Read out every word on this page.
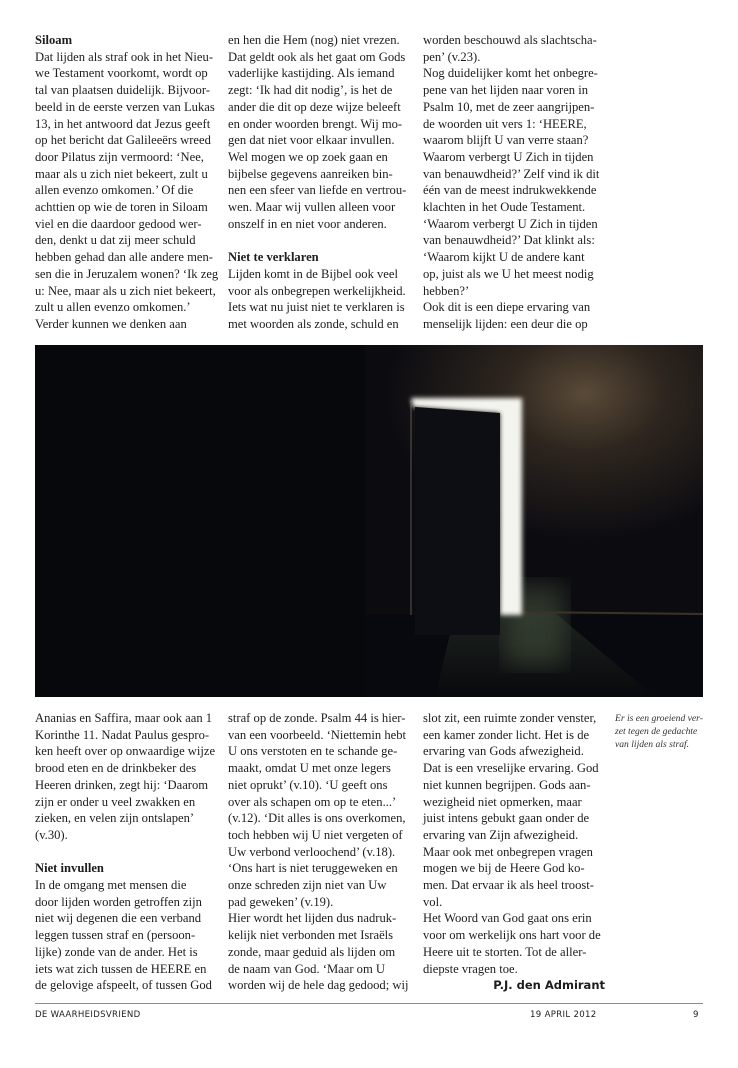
Siloam
Dat lijden als straf ook in het Nieu-
we Testament voorkomt, wordt op
tal van plaatsen duidelijk. Bijvoor-
beeld in de eerste verzen van Lukas
13, in het antwoord dat Jezus geeft
op het bericht dat Galileeërs wreed
door Pilatus zijn vermoord: ‘Nee,
maar als u zich niet bekeert, zult u
allen evenzo omkomen.’ Of die
achttien op wie de toren in Siloam
viel en die daardoor gedood wer-
den, denkt u dat zij meer schuld
hebben gehad dan alle andere men-
sen die in Jeruzalem wonen? ‘Ik zeg
u: Nee, maar als u zich niet bekeert,
zult u allen evenzo omkomen.’
Verder kunnen we denken aan
en hen die Hem (nog) niet vrezen.
Dat geldt ook als het gaat om Gods
vaderlijke kastijding. Als iemand
zegt: ‘Ik had dit nodig’, is het de
ander die dit op deze wijze beleeft
en onder woorden brengt. Wij mo-
gen dat niet voor elkaar invullen.
Wel mogen we op zoek gaan en
bijbelse gegevens aanreiken bin-
nen een sfeer van liefde en vertrou-
wen. Maar wij vullen alleen voor
onszelf in en niet voor anderen.
Niet te verklaren
Lijden komt in de Bijbel ook veel
voor als onbegrepen werkelijkheid.
Iets wat nu juist niet te verklaren is
met woorden als zonde, schuld en
worden beschouwd als slachtscha-
pen’ (v.23).
Nog duidelijker komt het onbegre-
pene van het lijden naar voren in
Psalm 10, met de zeer aangrijpen-
de woorden uit vers 1: ‘HEERE,
waarom blijft U van verre staan?
Waarom verbergt U Zich in tijden
van benauwdheid?’ Zelf vind ik dit
één van de meest indrukwekkende
klachten in het Oude Testament.
‘Waarom verbergt U Zich in tijden
van benauwdheid?’ Dat klinkt als:
‘Waarom kijkt U de andere kant
op, juist als we U het meest nodig
hebben?’
Ook dit is een diepe ervaring van
menselijk lijden: een deur die op
Ananias en Saffira, maar ook aan 1
Korinthe 11. Nadat Paulus gespro-
ken heeft over op onwaardige wijze
brood eten en de drinkbeker des
Heeren drinken, zegt hij: ‘Daarom
zijn er onder u veel zwakken en
zieken, en velen zijn ontslapen’
(v.30).
Niet invullen
In de omgang met mensen die
door lijden worden getroffen zijn
niet wij degenen die een verband
leggen tussen straf en (persoon-
lijke) zonde van de ander. Het is
iets wat zich tussen de HEERE en
de gelovige afspeelt, of tussen God
straf op de zonde. Psalm 44 is hier-
van een voorbeeld. ‘Niettemin hebt
U ons verstoten en te schande ge-
maakt, omdat U met onze legers
niet oprukt’ (v.10). ‘U geeft ons
over als schapen om op te eten...’
(v.12). ‘Dit alles is ons overkomen,
toch hebben wij U niet vergeten of
Uw verbond verloochend’ (v.18).
‘Ons hart is niet teruggeweken en
onze schreden zijn niet van Uw
pad geweken’ (v.19).
Hier wordt het lijden dus nadruk-
kelijk niet verbonden met Israëls
zonde, maar geduid als lijden om
de naam van God. ‘Maar om U
worden wij de hele dag gedood; wij
slot zit, een ruimte zonder venster,
een kamer zonder licht. Het is de
ervaring van Gods afwezigheid.
Dat is een vreselijke ervaring. God
niet kunnen begrijpen. Gods aan-
wezigheid niet opmerken, maar
juist intens gebukt gaan onder de
ervaring van Zijn afwezigheid.
Maar ook met onbegrepen vragen
mogen we bij de Heere God ko-
men. Dat ervaar ik als heel troost-
vol.
Het Woord van God gaat ons erin
voor om werkelijk ons hart voor de
Heere uit te storten. Tot de aller-
diepste vragen toe.
P.J. den Admirant
Er is een groeiend ver-
zet tegen de gedachte
van lijden als straf.
DE WAARHEIDSVRIEND	19 APRIL 2012	9
